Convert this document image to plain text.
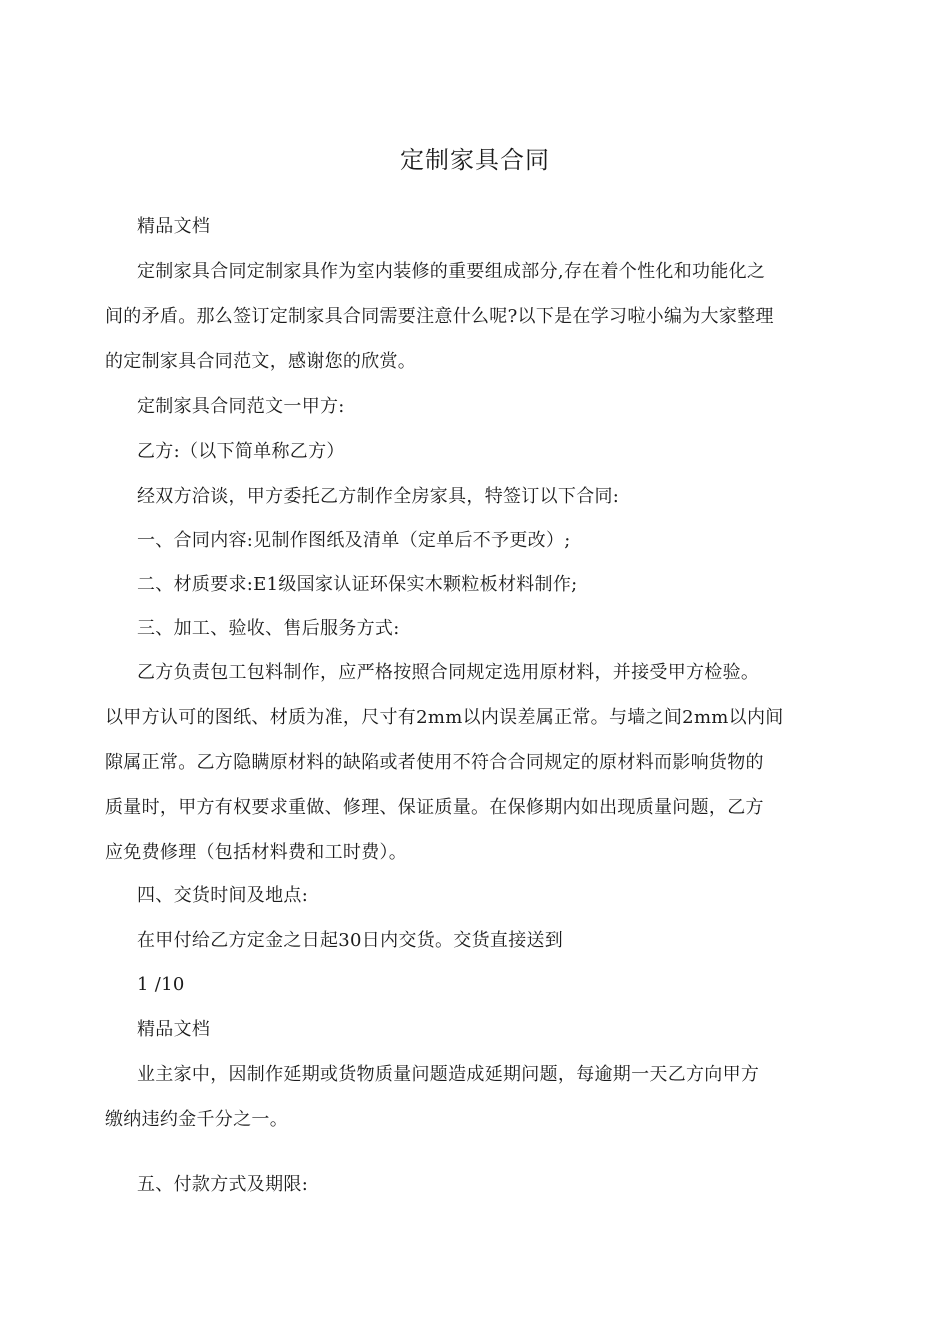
定制家具合同
精品文档
定制家具合同定制家具作为室内装修的重要组成部分,存在着个性化和功能化之
间的矛盾。那么签订定制家具合同需要注意什么呢?以下是在学习啦小编为大家整理
的定制家具合同范文，感谢您的欣赏。
定制家具合同范文一甲方:
乙方:（以下简单称乙方）
经双方洽谈，甲方委托乙方制作全房家具，特签订以下合同:
一、合同内容:见制作图纸及清单（定单后不予更改）;
二、材质要求:E1级国家认证环保实木颗粒板材料制作;
三、加工、验收、售后服务方式:
乙方负责包工包料制作，应严格按照合同规定选用原材料，并接受甲方检验。
以甲方认可的图纸、材质为准，尺寸有2mm以内误差属正常。与墙之间2mm以内间
隙属正常。乙方隐瞒原材料的缺陷或者使用不符合合同规定的原材料而影响货物的
质量时，甲方有权要求重做、修理、保证质量。在保修期内如出现质量问题，乙方
应免费修理（包括材料费和工时费）。
四、交货时间及地点:
在甲付给乙方定金之日起30日内交货。交货直接送到
1 /10
精品文档
业主家中，因制作延期或货物质量问题造成延期问题，每逾期一天乙方向甲方
缴纳违约金千分之一。
五、付款方式及期限:
